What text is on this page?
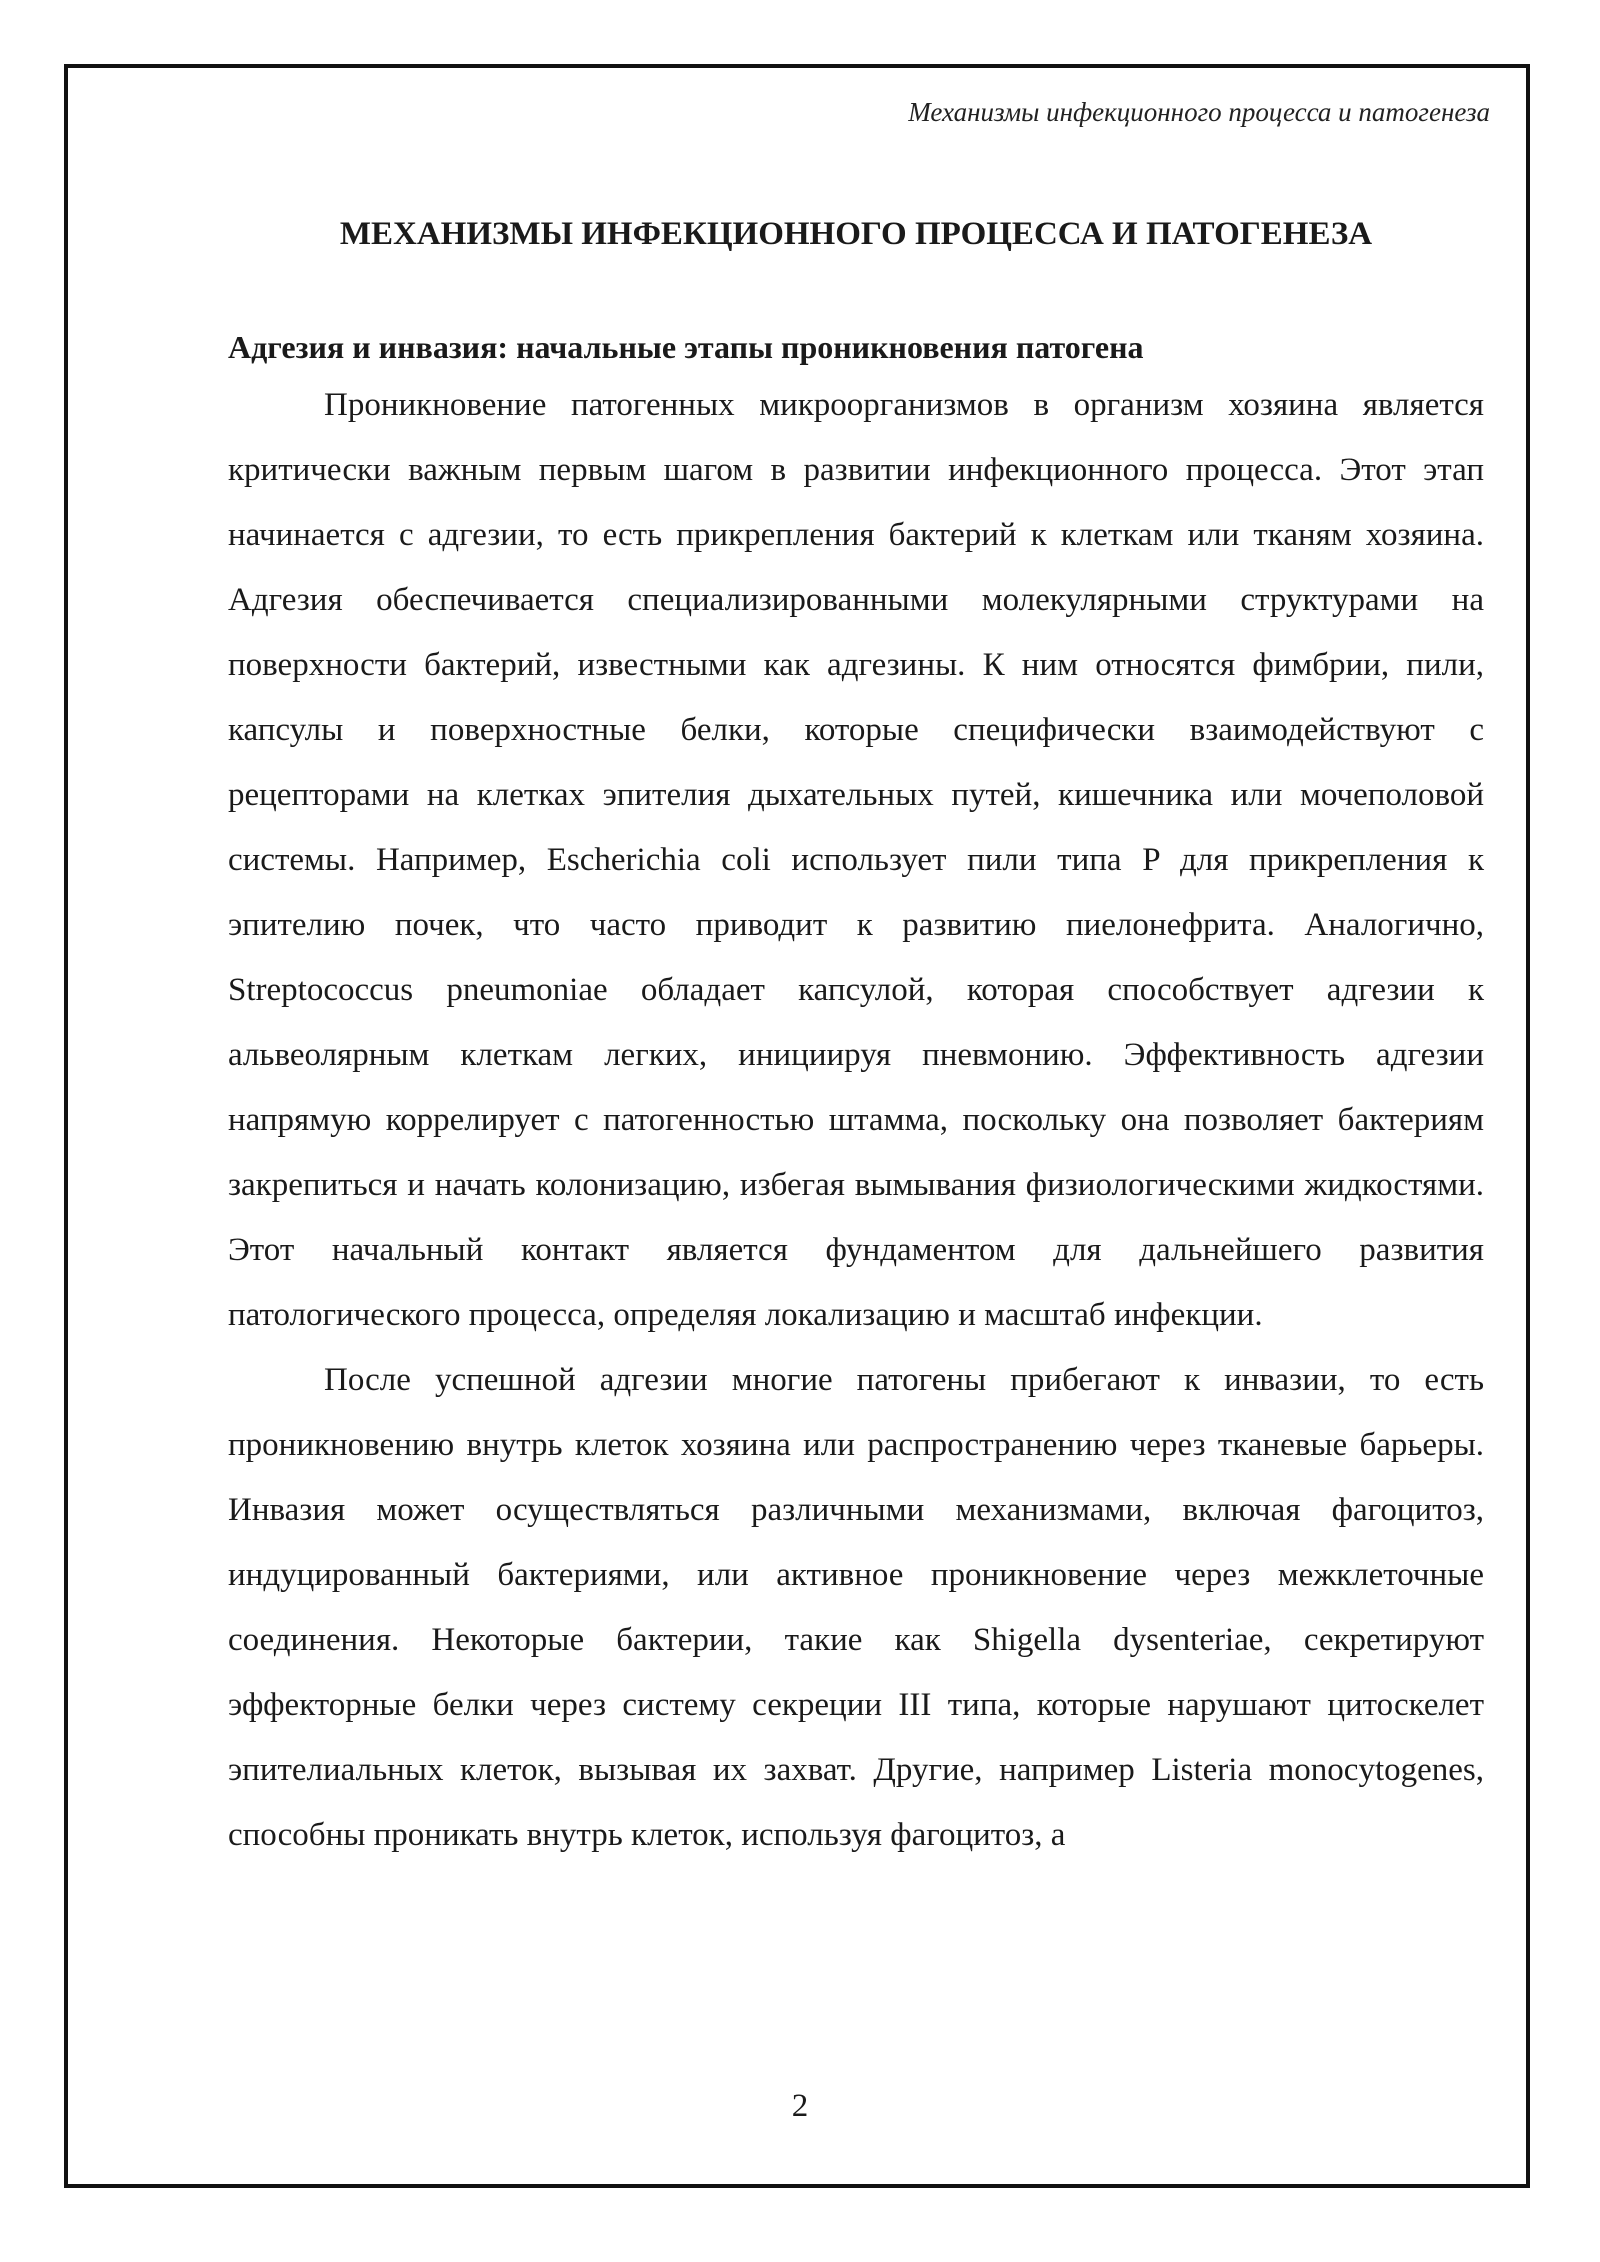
Механизмы инфекционного процесса и патогенеза
МЕХАНИЗМЫ ИНФЕКЦИОННОГО ПРОЦЕССА И ПАТОГЕНЕЗА
Адгезия и инвазия: начальные этапы проникновения патогена

Проникновение патогенных микроорганизмов в организм хозяина является критически важным первым шагом в развитии инфекционного процесса. Этот этап начинается с адгезии, то есть прикрепления бактерий к клеткам или тканям хозяина. Адгезия обеспечивается специализированными молекулярными структурами на поверхности бактерий, известными как адгезины. К ним относятся фимбрии, пили, капсулы и поверхностные белки, которые специфически взаимодействуют с рецепторами на клетках эпителия дыхательных путей, кишечника или мочеполовой системы. Например, Escherichia coli использует пили типа P для прикрепления к эпителию почек, что часто приводит к развитию пиелонефрита. Аналогично, Streptococcus pneumoniae обладает капсулой, которая способствует адгезии к альвеолярным клеткам легких, инициируя пневмонию. Эффективность адгезии напрямую коррелирует с патогенностью штамма, поскольку она позволяет бактериям закрепиться и начать колонизацию, избегая вымывания физиологическими жидкостями. Этот начальный контакт является фундаментом для дальнейшего развития патологического процесса, определяя локализацию и масштаб инфекции.

После успешной адгезии многие патогены прибегают к инвазии, то есть проникновению внутрь клеток хозяина или распространению через тканевые барьеры. Инвазия может осуществляться различными механизмами, включая фагоцитоз, индуцированный бактериями, или активное проникновение через межклеточные соединения. Некоторые бактерии, такие как Shigella dysenteriae, секретируют эффекторные белки через систему секреции III типа, которые нарушают цитоскелет эпителиальных клеток, вызывая их захват. Другие, например Listeria monocytogenes, способны проникать внутрь клеток, используя фагоцитоз, а

2
